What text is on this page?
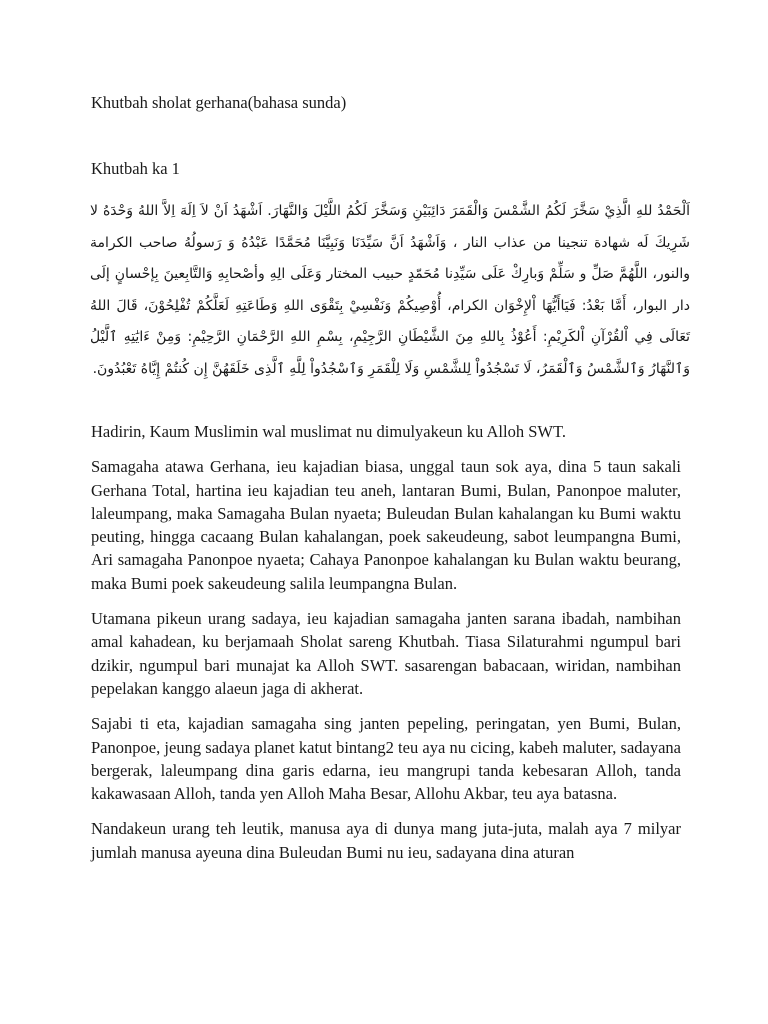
Khutbah sholat gerhana(bahasa sunda)
Khutbah ka 1

اَلْحَمْدُ للهِ الَّذِيْ سَخَّرَ لَكُمُ الشَّمْسَ وَالْقَمَرَ دَائِبَيْنِ وَسَخَّرَ لَكُمُ اللَّيْلَ وَالنَّهَارَ. اَشْهَدُ اَنْ لاَ اِلَهَ اِلاَّ اللهُ وَحْدَهُ لا شَرِيكَ لَه شهادة تنجينا من عذاب النار ، وَاَشْهَدُ اَنَّ سَيِّدَنَا وَنَبِيَّنَا مُحَمَّدًا عَبْدُهُ وَ رَسولُهُ صاحب الكرامة والنور، اللَّهُمَّ صَلِّ و سَلِّمْ وَبارِكْ عَلَى سَيِّدِنا مُحَمّدٍ حبيب المختار وَعَلَى الِهِ وأصْحابِهِ وَالتَّابِعينَ بِإحْسانٍ إلَى دار البوار، أَمَّا بَعْدُ: فَيَاأَيُّهَا اْلإِخْوَان الكرام، أُوْصِيكُمْ وَنَفْسِيْ بِتَقْوَى اللهِ وَطَاعَتِهِ لَعَلَّكُمْ تُفْلِحُوْنَ، قَالَ اللهُ تَعَالَى فِي اْلقُرْآنِ اْلكَرِيْمِ: أَعُوْذُ بِاللهِ مِنَ الشَّيْطَانِ الرَّجِيْمِ، بِسْمِ اللهِ الرَّحْمَانِ الرَّحِيْمِ: وَمِنْ ءَايَٰتِهِ ٱلَّيْلُ وَٱلنَّهَارُ وَٱلشَّمْسُ وَٱلْقَمَرُ، لَا تَسْجُدُواْ لِلشَّمْسِ وَلَا لِلْقَمَرِ وَٱسْجُدُواْ لِلَّهِ ٱلَّذِى خَلَقَهُنَّ إِن كُنتُمْ إِيَّاهُ تَعْبُدُونَ.

Hadirin, Kaum Muslimin wal muslimat nu dimulyakeun ku Alloh SWT.

Samagaha atawa Gerhana, ieu kajadian biasa, unggal taun sok aya, dina 5 taun sakali Gerhana Total, hartina ieu kajadian teu aneh, lantaran Bumi, Bulan, Panonpoe maluter, laleumpang, maka Samagaha Bulan nyaeta; Buleudan Bulan kahalangan ku Bumi waktu peuting, hingga cacaang Bulan kahalangan, poek sakeudeung, sabot leumpangna Bumi, Ari samagaha Panonpoe nyaeta; Cahaya Panonpoe kahalangan ku Bulan waktu beurang, maka Bumi poek sakeudeung salila leumpangna Bulan.

Utamana pikeun urang sadaya, ieu kajadian samagaha janten sarana ibadah, nambihan amal kahadean, ku berjamaah Sholat sareng Khutbah. Tiasa Silaturahmi ngumpul bari dzikir, ngumpul bari munajat ka Alloh SWT. sasarengan babacaan, wiridan, nambihan pepelakan kanggo alaeun jaga di akherat.

Sajabi ti eta, kajadian samagaha sing janten pepeling, peringatan, yen Bumi, Bulan, Panonpoe, jeung sadaya planet katut bintang2 teu aya nu cicing, kabeh maluter, sadayana bergerak, laleumpang dina garis edarna, ieu mangrupi tanda kebesaran Alloh, tanda kakawasaan Alloh, tanda yen Alloh Maha Besar, Allohu Akbar, teu aya batasna.

Nandakeun urang teh leutik, manusa aya di dunya mang juta-juta, malah aya 7 milyar jumlah manusa ayeuna dina Buleudan Bumi nu ieu, sadayana dina aturan
